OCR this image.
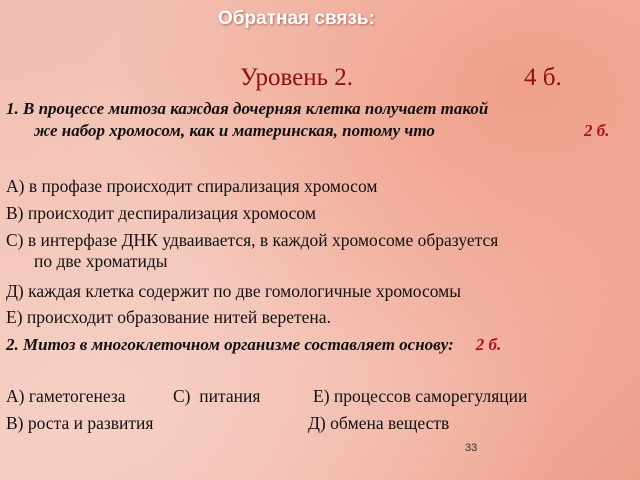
Обратная связь:
Уровень 2.	4 б.
1. В процессе митоза каждая дочерняя клетка получает такой
же набор хромосом, как и материнская, потому что	2 б.
А) в профазе происходит спирализация хромосом
В) происходит деспирализация хромосом
С) в интерфазе ДНК удваивается, в каждой хромосоме образуется
по две хроматиды
Д) каждая клетка содержит по две гомологичные хромосомы
Е) происходит образование нитей веретена.
2. Митоз в многоклеточном организме составляет основу: 2 б.
А) гаметогенеза	С)  питания	Е) процессов саморегуляции
В) роста и развития	Д) обмена веществ
33
